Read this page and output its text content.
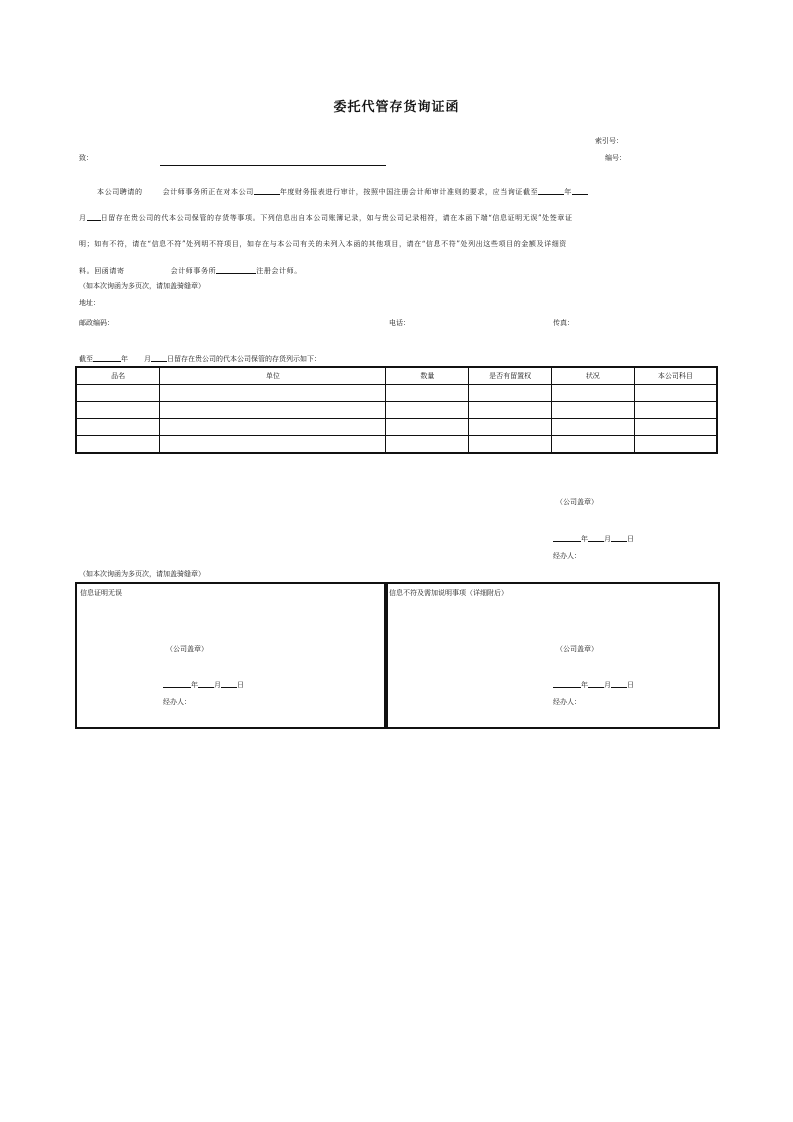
委托代管存货询证函
索引号：
致：	编号：
本公司聘请的	会计师事务所正在对本公司	年度财务报表进行审计，按照中国注册会计师审计准则的要求，应当询证截至	年
月 日留存在贵公司的代本公司保管的存货等事项。下列信息出自本公司账簿记录，如与贵公司记录相符，请在本函下端“信息证明无误”处签章证
明；如有不符，请在“信息不符”处列明不符项目，如存在与本公司有关的未列入本函的其他项目，请在“信息不符”处列出这些项目的金额及详细资
料。回函请寄	会计师事务所	注册会计师。
（如本次询函为多页次，请加盖骑缝章）
地址：
邮政编码：	电话：	传真：
截至	年 月 日留存在贵公司的代本公司保管的存货列示如下：
品名	单位	数量	是否有留置权	状况	本公司科目

（公司盖章）
年 月 日
经办人：
（如本次询函为多页次，请加盖骑缝章）
信息证明无误
（公司盖章）
年 月 日
经办人：
信息不符及需加说明事项（详细附后）
（公司盖章）
年 月 日
经办人：
